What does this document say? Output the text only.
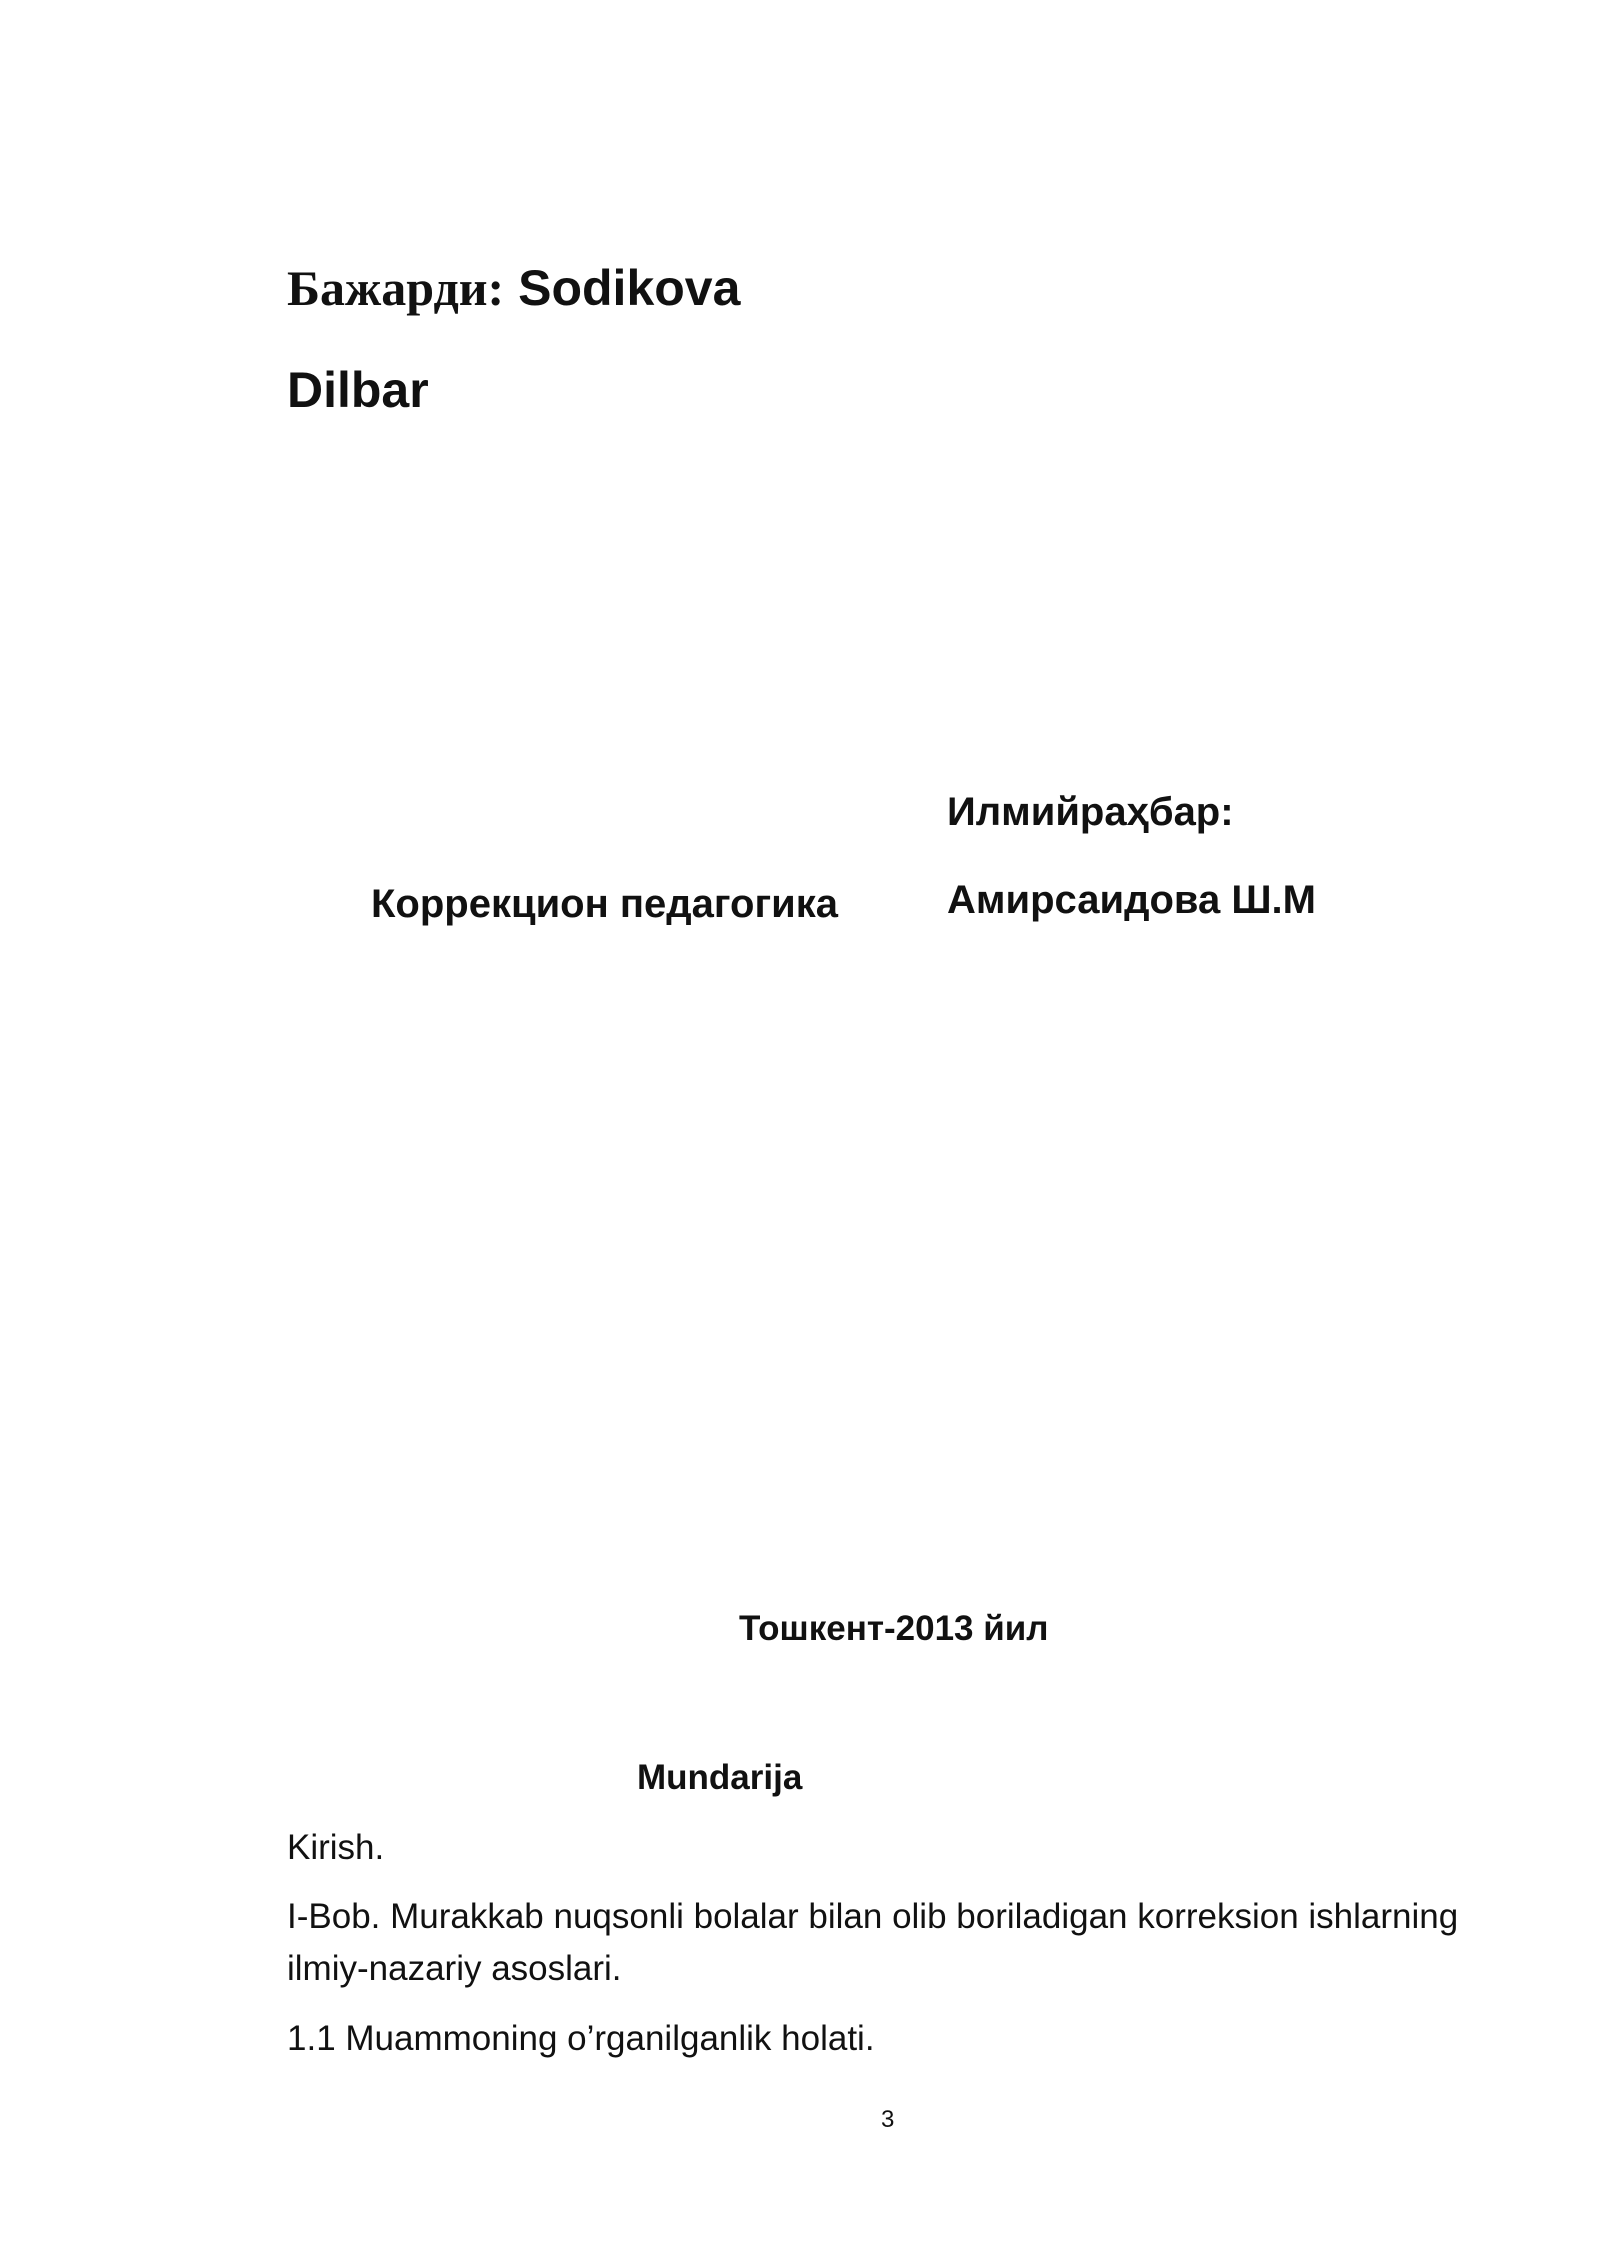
Бажарди: Sodikova
Dilbar
Илмийраҳбар:
Коррекцион педагогика	Амирсаидова Ш.М
Тошкент-2013 йил
Mundarija
Kirish.
I-Bob. Murakkab nuqsonli bolalar bilan olib boriladigan korreksion ishlarning
ilmiy-nazariy asoslari.
1.1 Muammoning o’rganilganlik holati.
3
